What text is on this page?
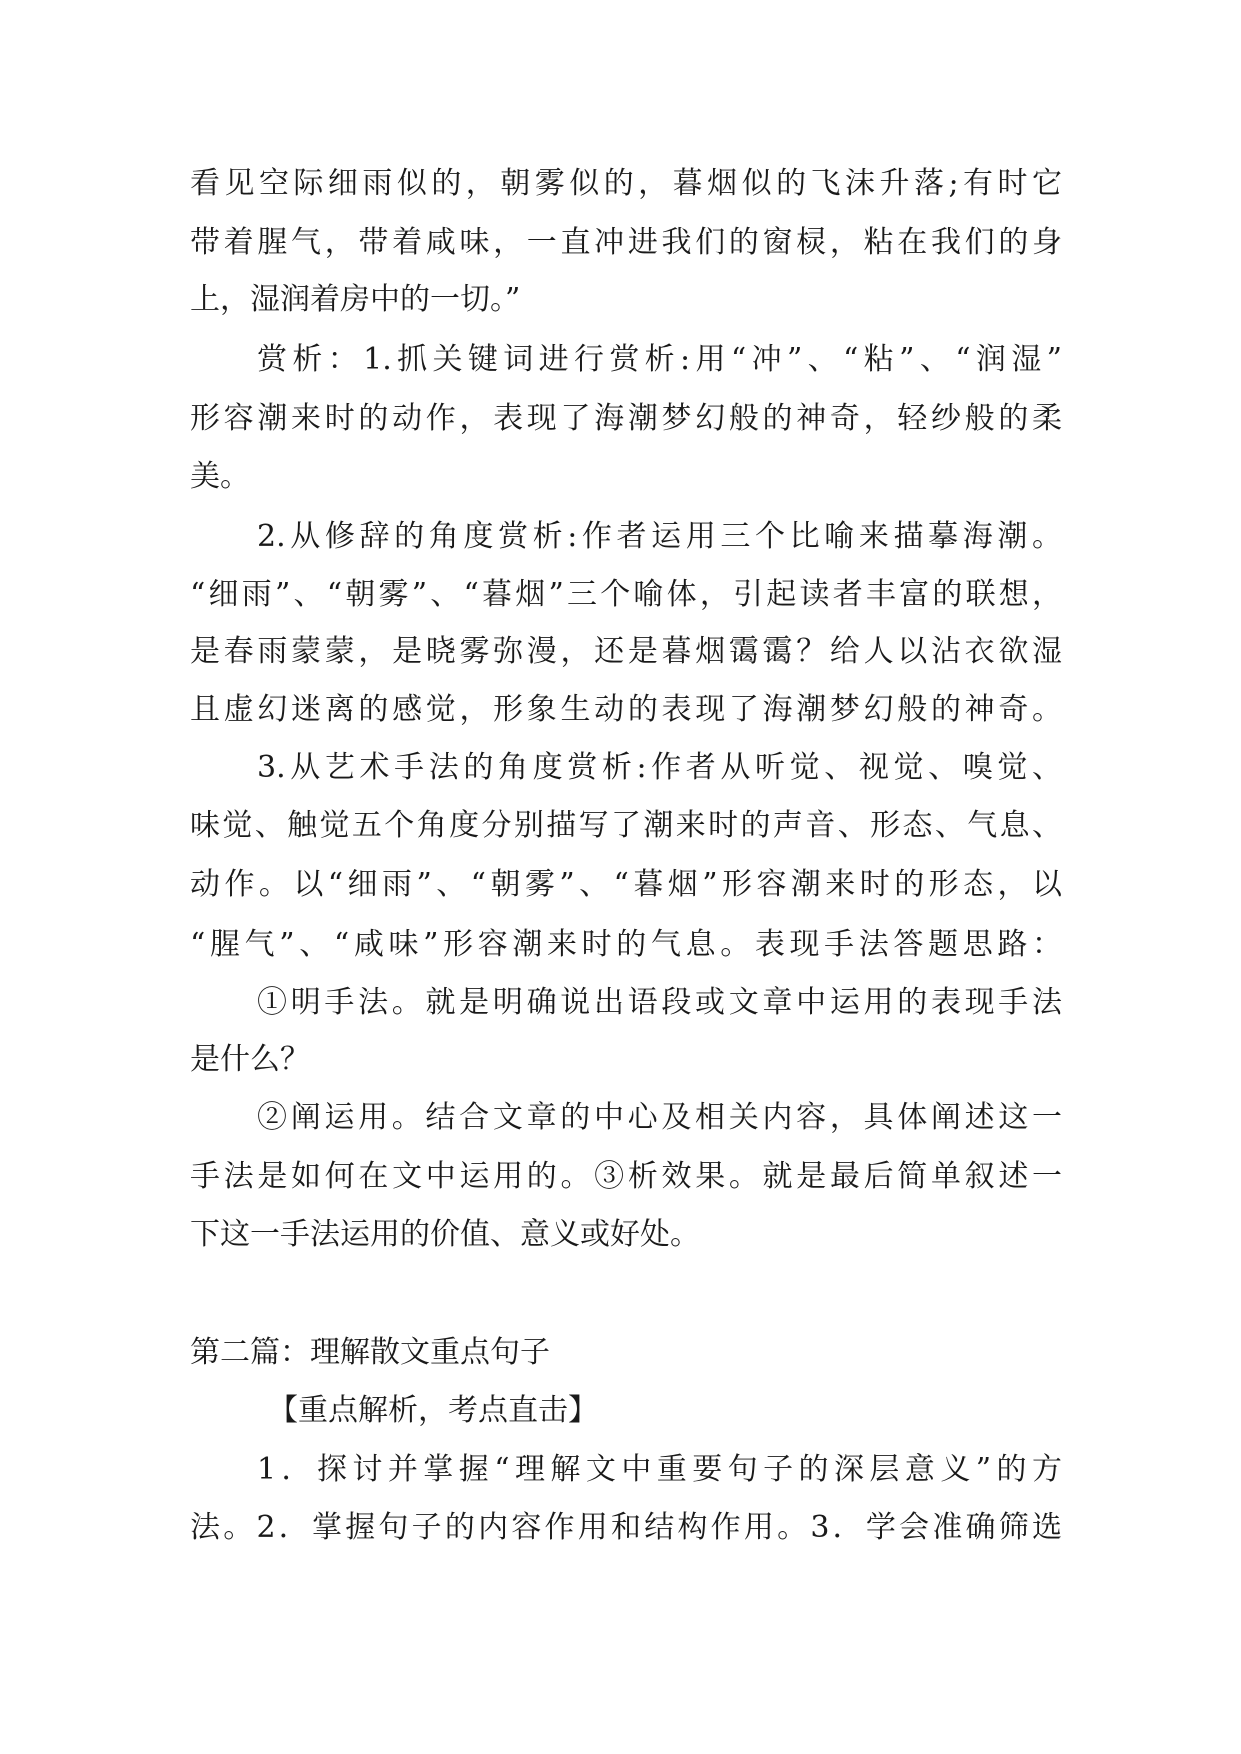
看见空际细雨似的，朝雾似的，暮烟似的飞沫升落;有时它
带着腥气，带着咸味，一直冲进我们的窗棂，粘在我们的身
上，湿润着房中的一切。”
赏析：1.抓关键词进行赏析:用“冲”、“粘”、“润湿”
形容潮来时的动作，表现了海潮梦幻般的神奇，轻纱般的柔
美。
2.从修辞的角度赏析:作者运用三个比喻来描摹海潮。
“细雨”、“朝雾”、“暮烟”三个喻体，引起读者丰富的联想，
是春雨蒙蒙，是晓雾弥漫，还是暮烟霭霭？给人以沾衣欲湿
且虚幻迷离的感觉，形象生动的表现了海潮梦幻般的神奇。
3.从艺术手法的角度赏析:作者从听觉、视觉、嗅觉、
味觉、触觉五个角度分别描写了潮来时的声音、形态、气息、
动作。以“细雨”、“朝雾”、“暮烟”形容潮来时的形态，以
“腥气”、“咸味”形容潮来时的气息。表现手法答题思路：
①明手法。就是明确说出语段或文章中运用的表现手法
是什么？
②阐运用。结合文章的中心及相关内容，具体阐述这一
手法是如何在文中运用的。③析效果。就是最后简单叙述一
下这一手法运用的价值、意义或好处。
第二篇：理解散文重点句子
【重点解析，考点直击】
1．探讨并掌握“理解文中重要句子的深层意义”的方
法。2．掌握句子的内容作用和结构作用。3．学会准确筛选
